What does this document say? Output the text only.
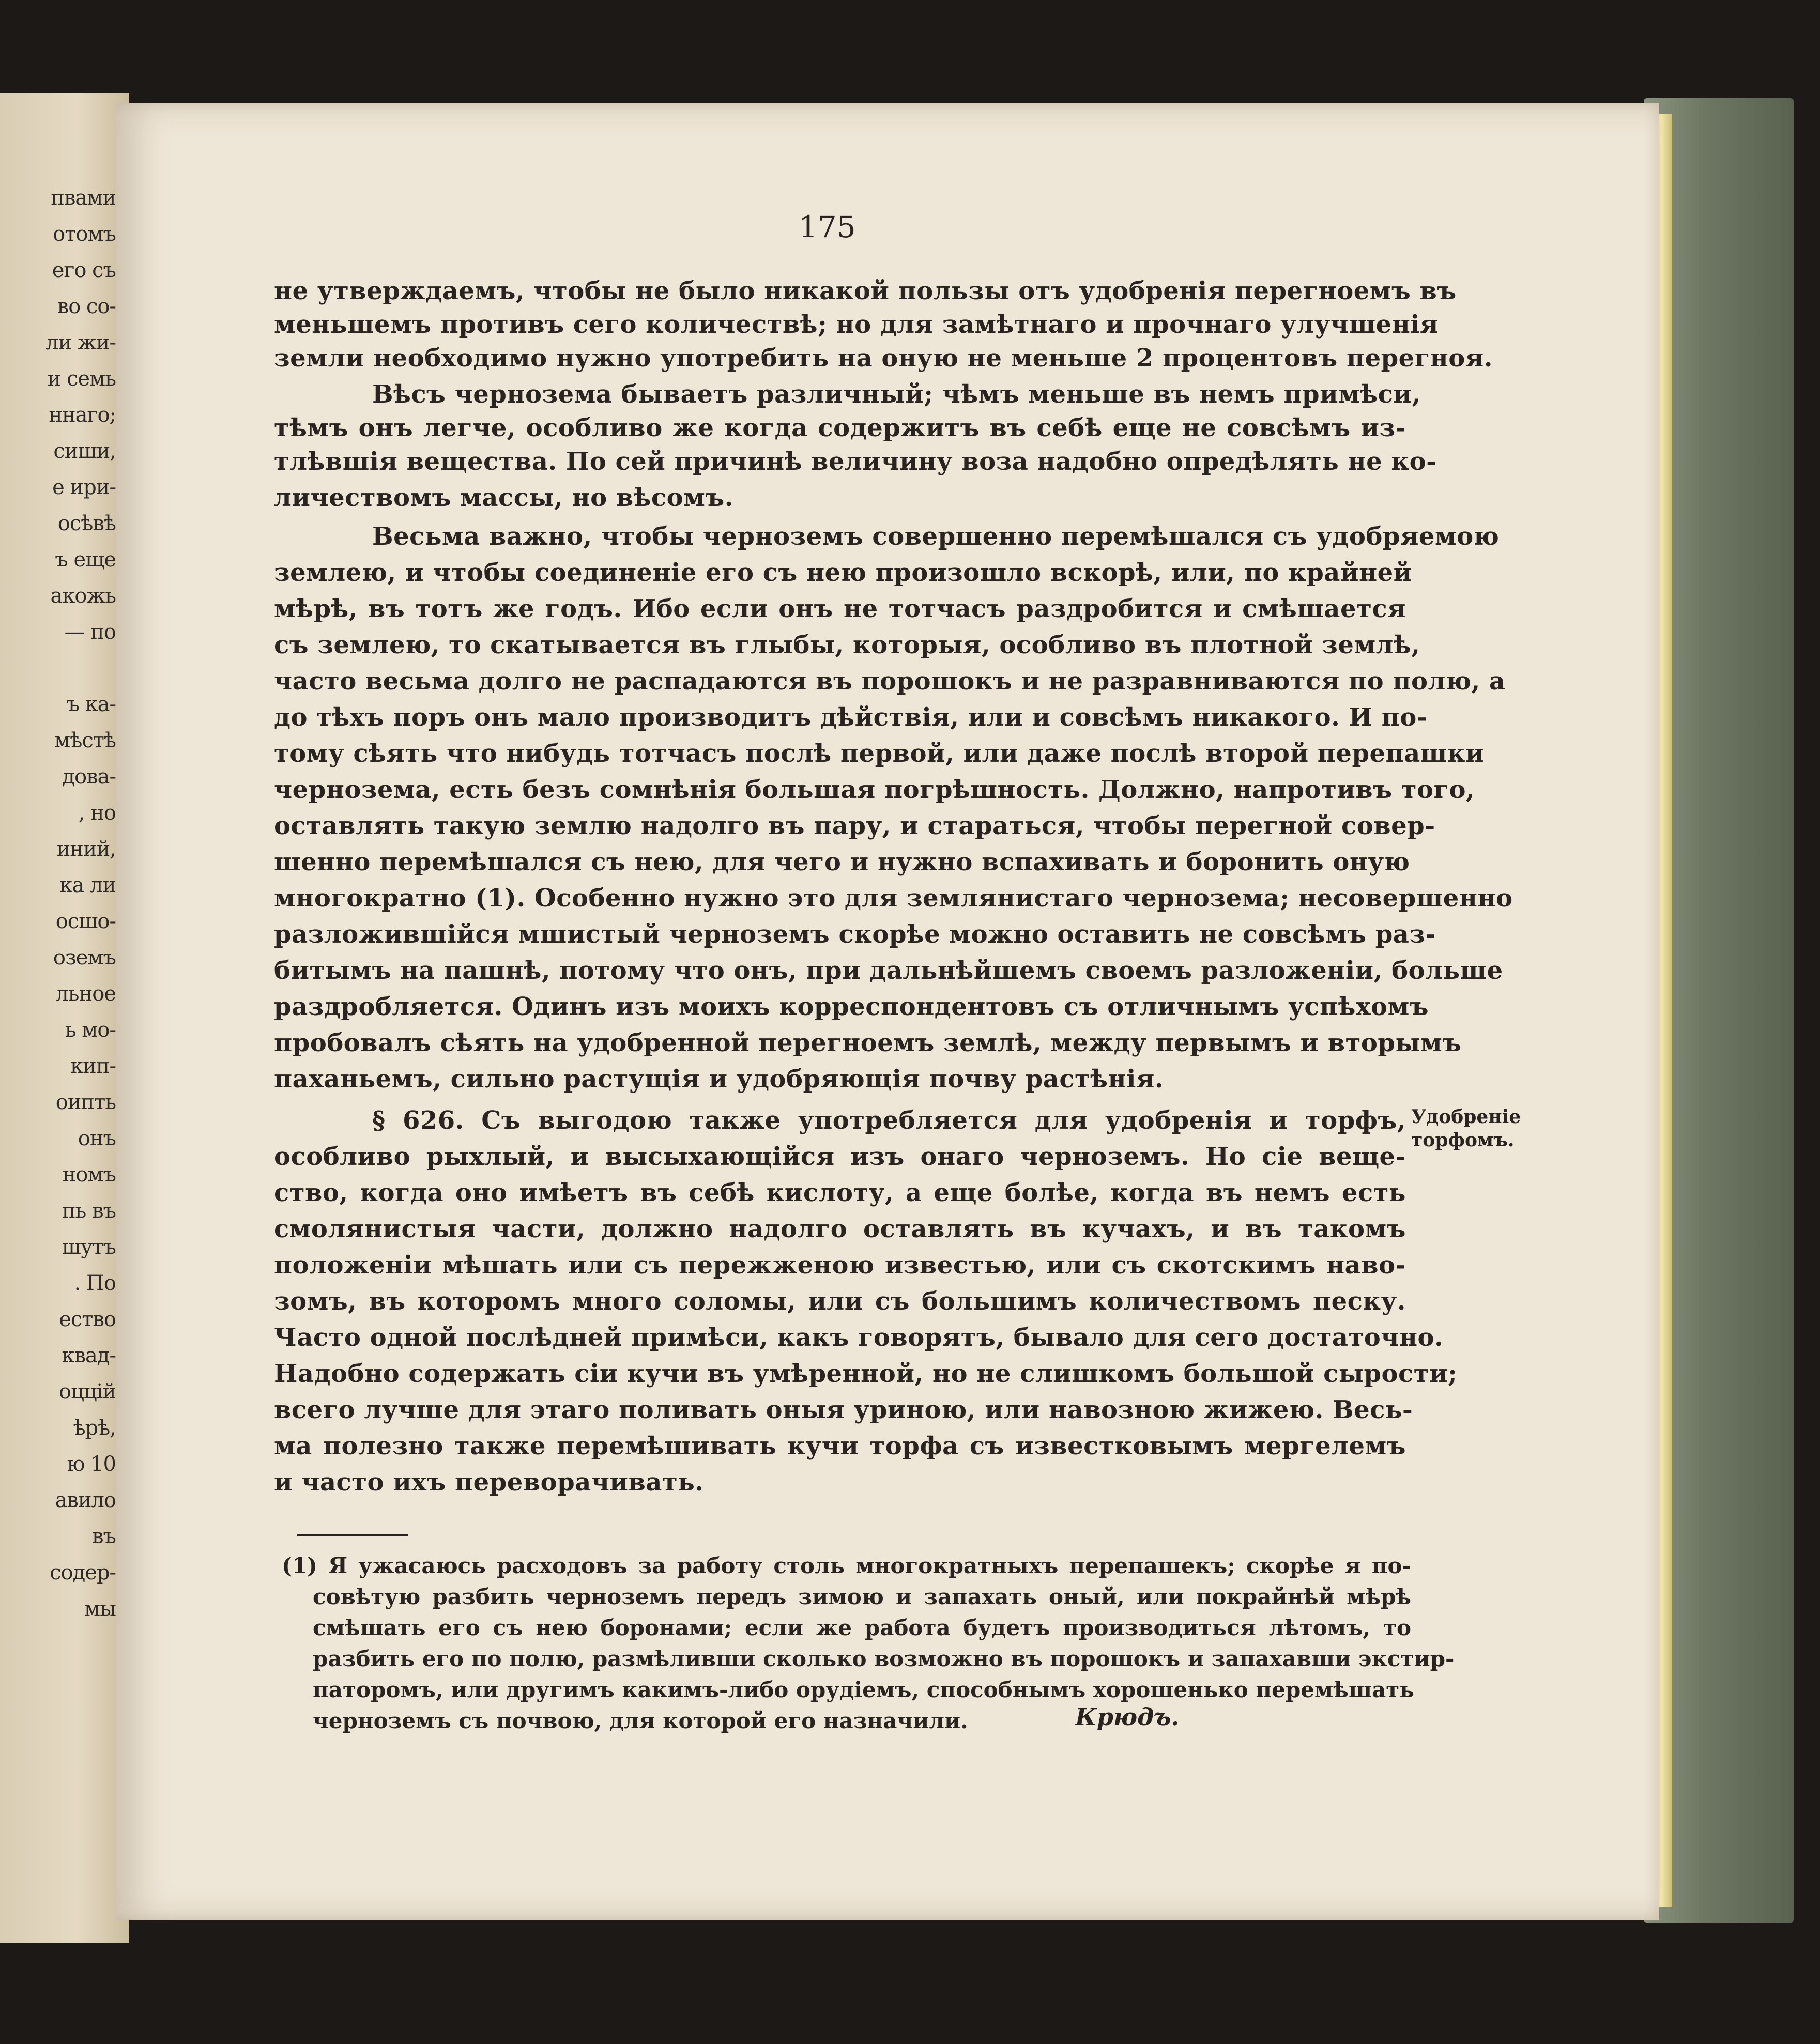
пвами
отомъ
его съ
во со-
ли жи-
и семь
ннаго;
сиши,
е ири-
осѣвѣ
ъ еще
акожь
— по
ъ ка-
мѣстѣ
дова-
, но
иний,
ка ли
осшо-
оземъ
льное
ь мо-
кип-
оипть
онъ
номъ
пь въ
шутъ
. По
ество
квад-
оццій
ѣрѣ,
ю 10
авило
въ
содер-
мы
175
не утверждаемъ, чтобы не было никакой пользы отъ удобренія перегноемъ въ
меньшемъ противъ сего количествѣ; но для замѣтнаго и прочнаго улучшенія
земли необходимо нужно употребить на оную не меньше 2 процентовъ перегноя.
Вѣсъ чернозема бываетъ различный; чѣмъ меньше въ немъ примѣси,
тѣмъ онъ легче, особливо же когда содержитъ въ себѣ еще не совсѣмъ из-
тлѣвшія вещества. По сей причинѣ величину воза надобно опредѣлять не ко-
личествомъ массы, но вѣсомъ.
Весьма важно, чтобы черноземъ совершенно перемѣшался съ удобряемою
землею, и чтобы соединеніе его съ нею произошло вскорѣ, или, по крайней
мѣрѣ, въ тотъ же годъ. Ибо если онъ не тотчасъ раздробится и смѣшается
съ землею, то скатывается въ глыбы, которыя, особливо въ плотной землѣ,
часто весьма долго не распадаются въ порошокъ и не разравниваются по полю, а
до тѣхъ поръ онъ мало производитъ дѣйствія, или и совсѣмъ никакого. И по-
тому сѣять что нибудь тотчасъ послѣ первой, или даже послѣ второй перепашки
чернозема, есть безъ сомнѣнія большая погрѣшность. Должно, напротивъ того,
оставлять такую землю надолго въ пару, и стараться, чтобы перегной совер-
шенно перемѣшался съ нею, для чего и нужно вспахивать и боронить оную
многократно (1). Особенно нужно это для землянистаго чернозема; несовершенно
разложившійся мшистый черноземъ скорѣе можно оставить не совсѣмъ раз-
битымъ на пашнѣ, потому что онъ, при дальнѣйшемъ своемъ разложеніи, больше
раздробляется. Одинъ изъ моихъ корреспондентовъ съ отличнымъ успѣхомъ
пробовалъ сѣять на удобренной перегноемъ землѣ, между первымъ и вторымъ
паханьемъ, сильно растущія и удобряющія почву растѣнія.
§ 626. Съ выгодою также употребляется для удобренія и торфъ,
особливо рыхлый, и высыхающійся изъ онаго черноземъ. Но сіе веще-
ство, когда оно имѣетъ въ себѣ кислоту, а еще болѣе, когда въ немъ есть
смолянистыя части, должно надолго оставлять въ кучахъ, и въ такомъ
положеніи мѣшать или съ пережженою известью, или съ скотскимъ наво-
зомъ, въ которомъ много соломы, или съ большимъ количествомъ песку.
Часто одной послѣдней примѣси, какъ говорятъ, бывало для сего достаточно.
Надобно содержать сіи кучи въ умѣренной, но не слишкомъ большой сырости;
всего лучше для этаго поливать оныя уриною, или навозною жижею. Весь-
ма полезно также перемѣшивать кучи торфа съ известковымъ мергелемъ
и часто ихъ переворачивать.
Удобреніе
торфомъ.
(1) Я ужасаюсь расходовъ за работу столь многократныхъ перепашекъ; скорѣе я по-
совѣтую разбить черноземъ передъ зимою и запахать оный, или покрайнѣй мѣрѣ
смѣшать его съ нею боронами; если же работа будетъ производиться лѣтомъ, то
разбить его по полю, размѣливши сколько возможно въ порошокъ и запахавши экстир-
паторомъ, или другимъ какимъ-либо орудіемъ, способнымъ хорошенько перемѣшать
черноземъ съ почвою, для которой его назначили.	Крюдъ.
